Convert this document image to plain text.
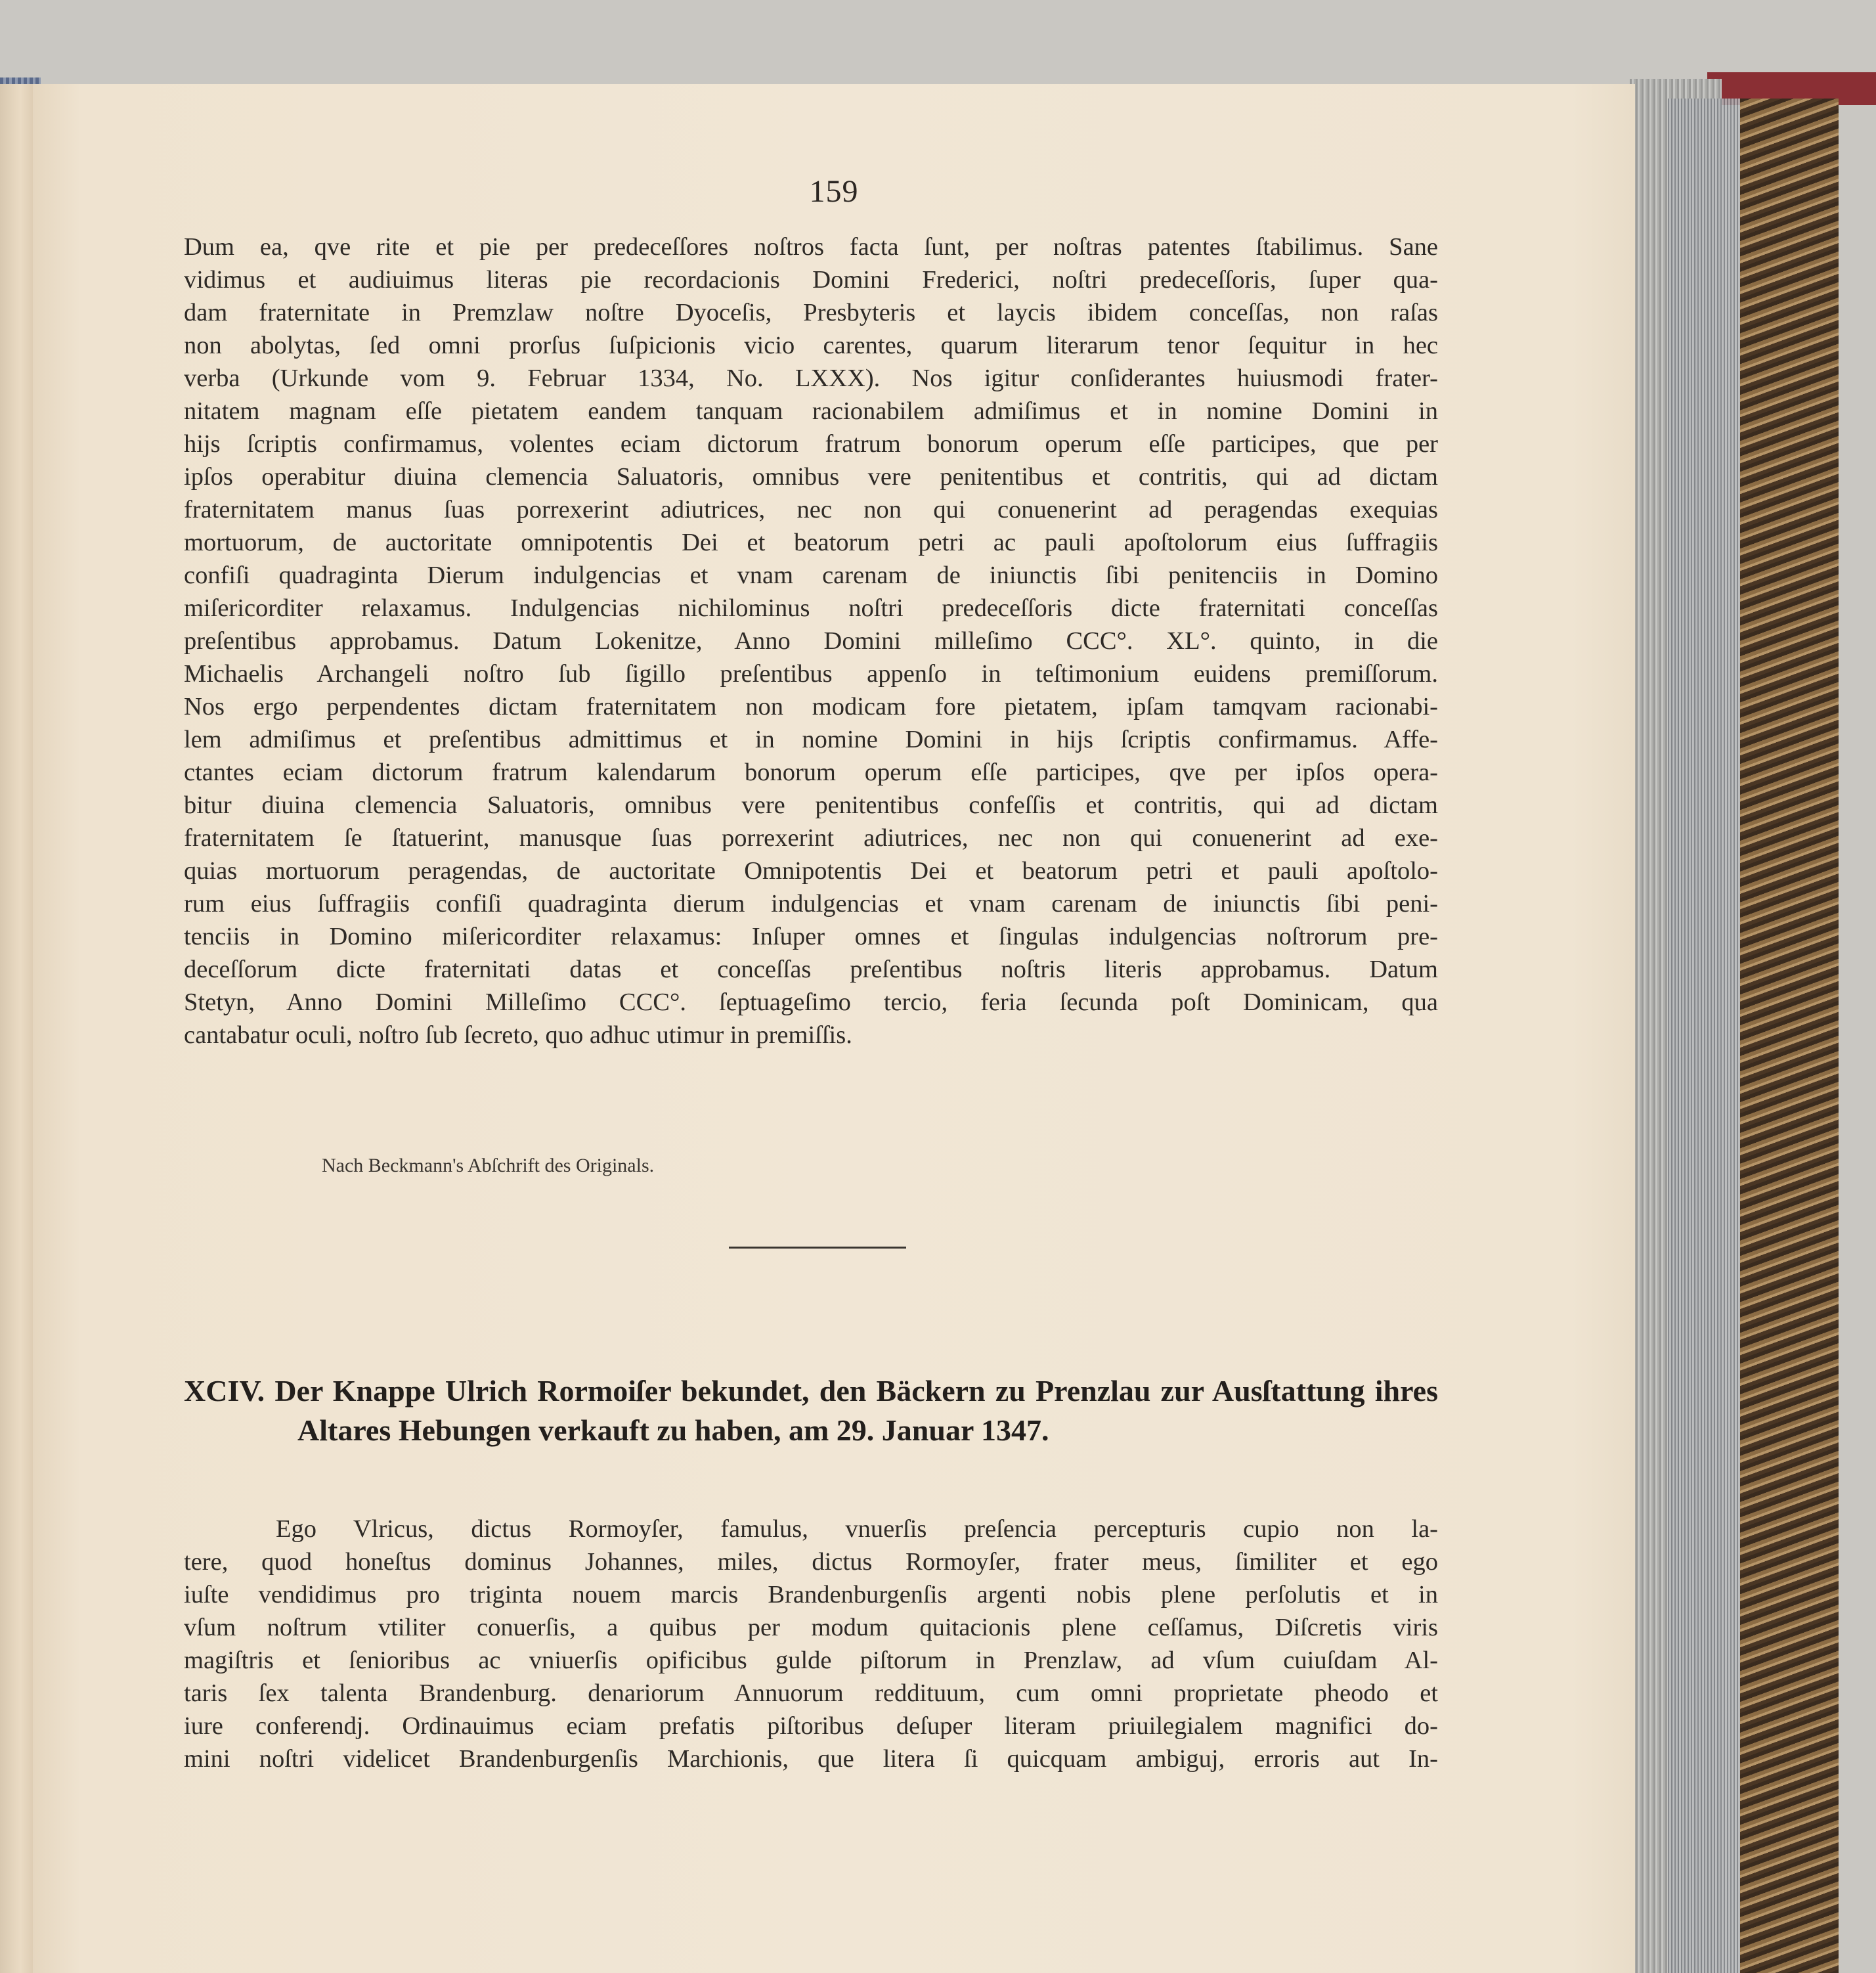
159
Dum ea, qve rite et pie per predeceſſores noſtros facta ſunt, per noſtras patentes ſtabilimus. Sane
vidimus et audiuimus literas pie recordacionis Domini Frederici, noſtri predeceſſoris, ſuper qua-
dam fraternitate in Premzlaw noſtre Dyoceſis, Presbyteris et laycis ibidem conceſſas, non raſas
non abolytas, ſed omni prorſus ſuſpicionis vicio carentes, quarum literarum tenor ſequitur in hec
verba (Urkunde vom 9. Februar 1334, No. LXXX). Nos igitur conſiderantes huiusmodi frater-
nitatem magnam eſſe pietatem eandem tanquam racionabilem admiſimus et in nomine Domini in
hijs ſcriptis confirmamus, volentes eciam dictorum fratrum bonorum operum eſſe participes, que per
ipſos operabitur diuina clemencia Saluatoris, omnibus vere penitentibus et contritis, qui ad dictam
fraternitatem manus ſuas porrexerint adiutrices, nec non qui conuenerint ad peragendas exequias
mortuorum, de auctoritate omnipotentis Dei et beatorum petri ac pauli apoſtolorum eius ſuffragiis
confiſi quadraginta Dierum indulgencias et vnam carenam de iniunctis ſibi penitenciis in Domino
miſericorditer relaxamus. Indulgencias nichilominus noſtri predeceſſoris dicte fraternitati conceſſas
preſentibus approbamus. Datum Lokenitze, Anno Domini milleſimo CCC°. XL°. quinto, in die
Michaelis Archangeli noſtro ſub ſigillo preſentibus appenſo in teſtimonium euidens premiſſorum.
Nos ergo perpendentes dictam fraternitatem non modicam fore pietatem, ipſam tamqvam racionabi-
lem admiſimus et preſentibus admittimus et in nomine Domini in hijs ſcriptis confirmamus. Affe-
ctantes eciam dictorum fratrum kalendarum bonorum operum eſſe participes, qve per ipſos opera-
bitur diuina clemencia Saluatoris, omnibus vere penitentibus confeſſis et contritis, qui ad dictam
fraternitatem ſe ſtatuerint, manusque ſuas porrexerint adiutrices, nec non qui conuenerint ad exe-
quias mortuorum peragendas, de auctoritate Omnipotentis Dei et beatorum petri et pauli apoſtolo-
rum eius ſuffragiis confiſi quadraginta dierum indulgencias et vnam carenam de iniunctis ſibi peni-
tenciis in Domino miſericorditer relaxamus: Inſuper omnes et ſingulas indulgencias noſtrorum pre-
deceſſorum dicte fraternitati datas et conceſſas preſentibus noſtris literis approbamus. Datum
Stetyn, Anno Domini Milleſimo CCC°. ſeptuageſimo tercio, feria ſecunda poſt Dominicam, qua
cantabatur oculi, noſtro ſub ſecreto, quo adhuc utimur in premiſſis.
Nach Beckmann's Abſchrift des Originals.
XCIV. Der Knappe Ulrich Rormoiſer bekundet, den Bäckern zu Prenzlau zur Ausſtattung ihres
Altares Hebungen verkauft zu haben, am 29. Januar 1347.
Ego Vlricus, dictus Rormoyſer, famulus, vnuerſis preſencia percepturis cupio non la-
tere, quod honeſtus dominus Johannes, miles, dictus Rormoyſer, frater meus, ſimiliter et ego
iuſte vendidimus pro triginta nouem marcis Brandenburgenſis argenti nobis plene perſolutis et in
vſum noſtrum vtiliter conuerſis, a quibus per modum quitacionis plene ceſſamus, Diſcretis viris
magiſtris et ſenioribus ac vniuerſis opificibus gulde piſtorum in Prenzlaw, ad vſum cuiuſdam Al-
taris ſex talenta Brandenburg. denariorum Annuorum reddituum, cum omni proprietate pheodo et
iure conferendj. Ordinauimus eciam prefatis piſtoribus deſuper literam priuilegialem magnifici do-
mini noſtri videlicet Brandenburgenſis Marchionis, que litera ſi quicquam ambiguj, erroris aut In-
